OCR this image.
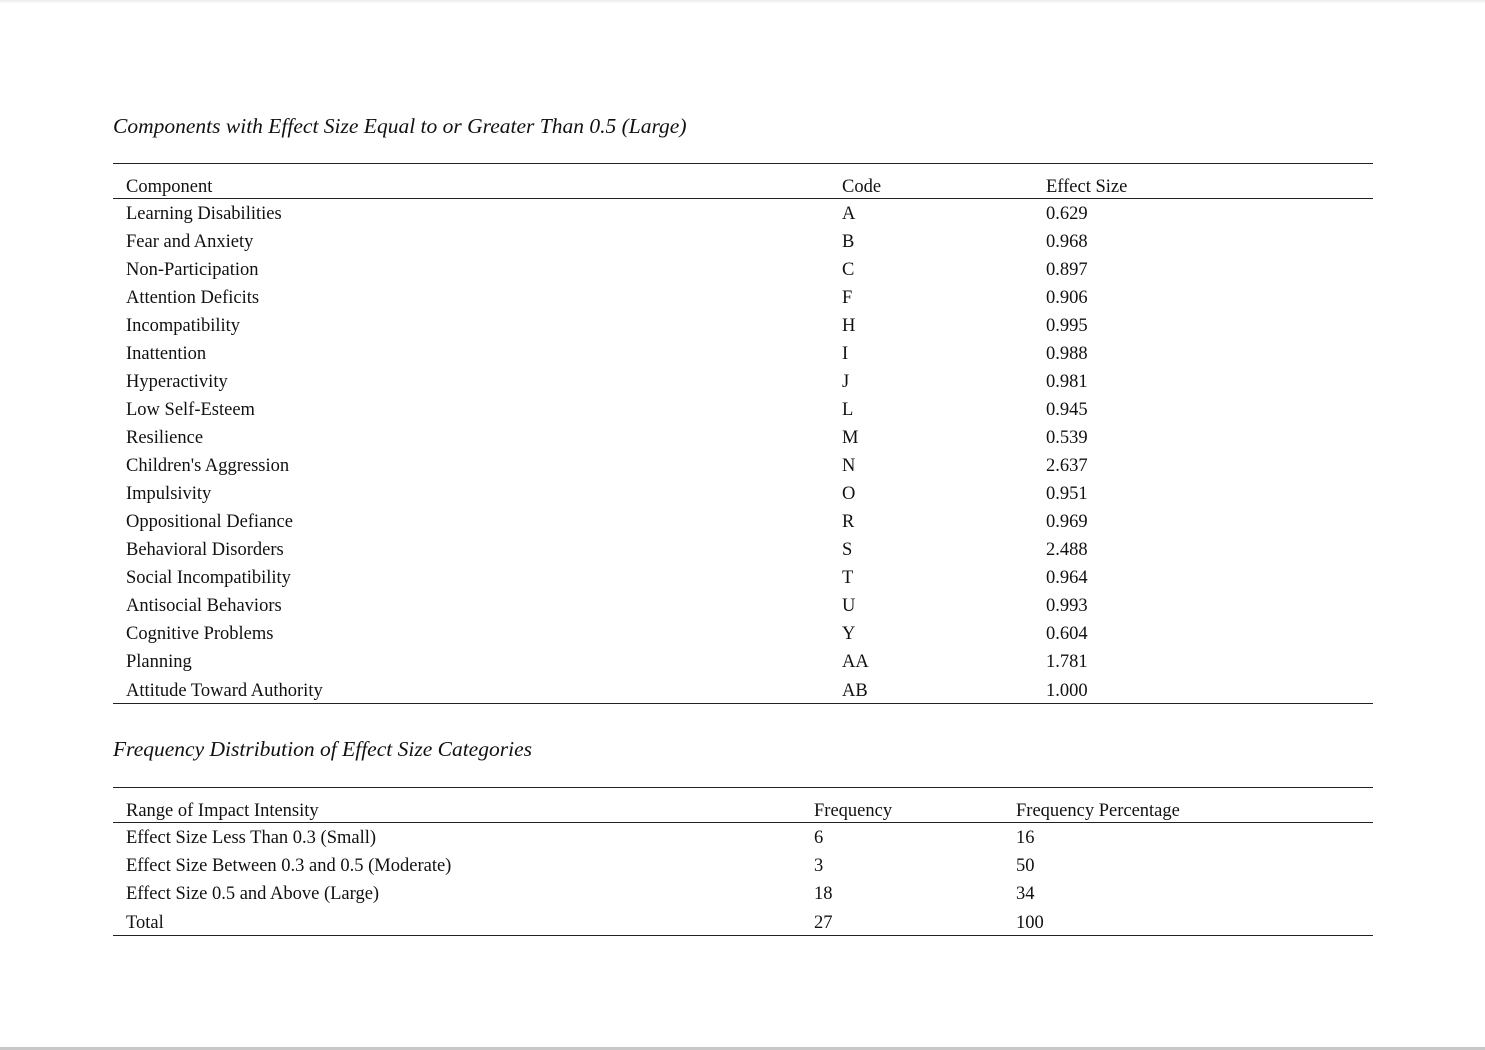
Components with Effect Size Equal to or Greater Than 0.5 (Large)
Component	Code	Effect Size
Learning Disabilities	A	0.629
Fear and Anxiety	B	0.968
Non-Participation	C	0.897
Attention Deficits	F	0.906
Incompatibility	H	0.995
Inattention	I	0.988
Hyperactivity	J	0.981
Low Self-Esteem	L	0.945
Resilience	M	0.539
Children's Aggression	N	2.637
Impulsivity	O	0.951
Oppositional Defiance	R	0.969
Behavioral Disorders	S	2.488
Social Incompatibility	T	0.964
Antisocial Behaviors	U	0.993
Cognitive Problems	Y	0.604
Planning	AA	1.781
Attitude Toward Authority	AB	1.000
Frequency Distribution of Effect Size Categories
Range of Impact Intensity	Frequency	Frequency Percentage
Effect Size Less Than 0.3 (Small)	6	16
Effect Size Between 0.3 and 0.5 (Moderate)	3	50
Effect Size 0.5 and Above (Large)	18	34
Total	27	100
